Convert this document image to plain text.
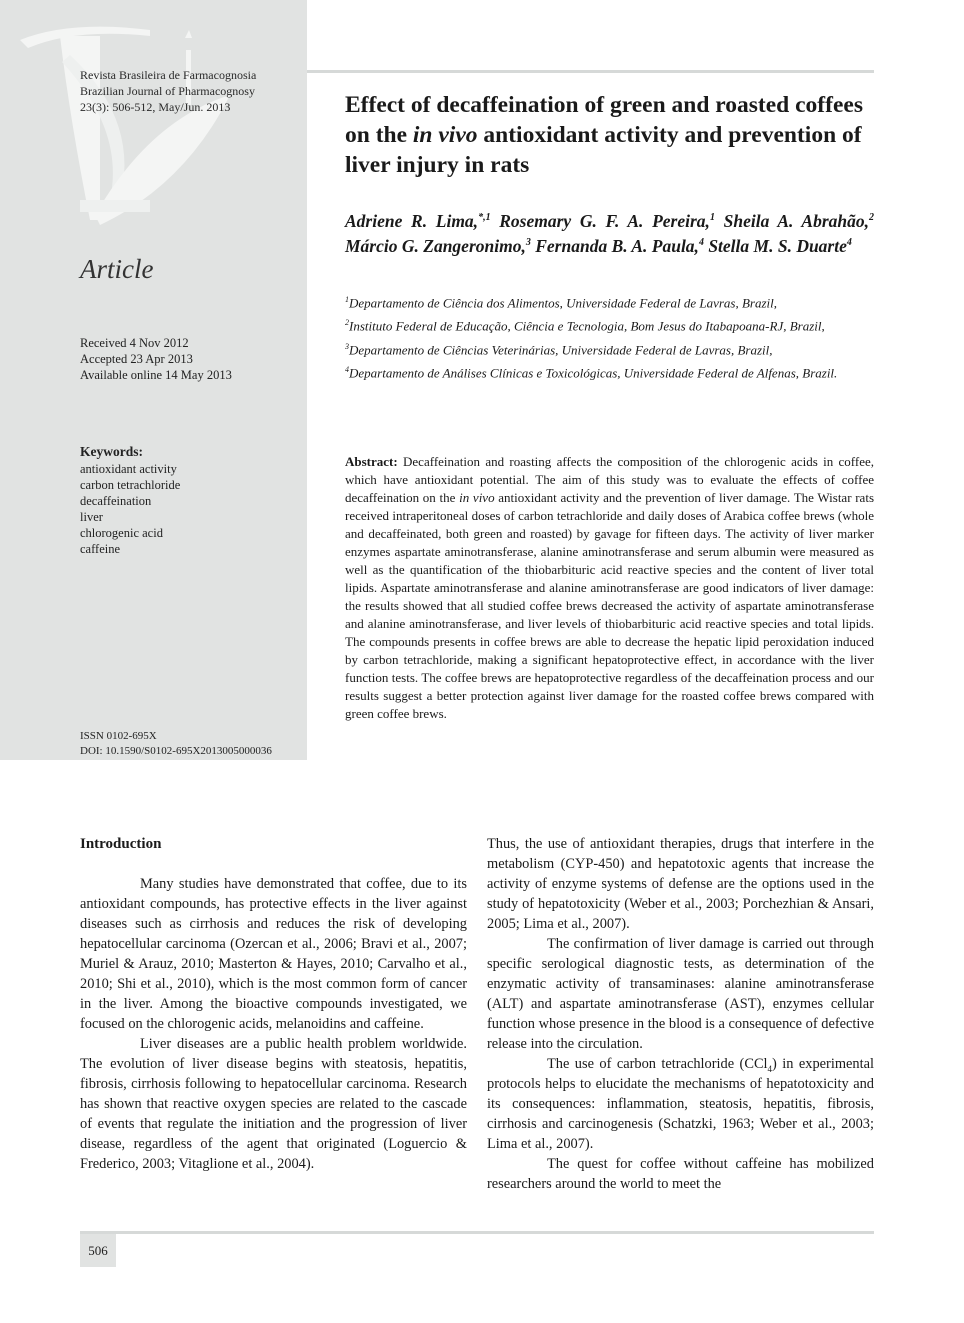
Revista Brasileira de Farmacognosia
Brazilian Journal of Pharmacognosy
23(3): 506-512, May/Jun. 2013
Article
Received 4 Nov 2012
Accepted 23 Apr 2013
Available online 14 May 2013
Keywords:
antioxidant activity
carbon tetrachloride
decaffeination
liver
chlorogenic acid
caffeine
ISSN 0102-695X
DOI: 10.1590/S0102-695X2013005000036
Effect of decaffeination of green and roasted coffees on the in vivo antioxidant activity and prevention of liver injury in rats
Adriene R. Lima,$^{*,1}$ Rosemary G. F. A. Pereira,$^1$ Sheila A. Abrahão,$^2$ Márcio G. Zangeronimo,$^3$ Fernanda B. A. Paula,$^4$ Stella M. S. Duarte$^4$
$^1$Departamento de Ciência dos Alimentos, Universidade Federal de Lavras, Brazil,
$^2$Instituto Federal de Educação, Ciência e Tecnologia, Bom Jesus do Itabapoana-RJ, Brazil,
$^3$Departamento de Ciências Veterinárias, Universidade Federal de Lavras, Brazil,
$^4$Departamento de Análises Clínicas e Toxicológicas, Universidade Federal de Alfenas, Brazil.

Abstract: Decaffeination and roasting affects the composition of the chlorogenic acids in coffee, which have antioxidant potential. The aim of this study was to evaluate the effects of coffee decaffeination on the in vivo antioxidant activity and the prevention of liver damage. The Wistar rats received intraperitoneal doses of carbon tetrachloride and daily doses of Arabica coffee brews (whole and decaffeinated, both green and roasted) by gavage for fifteen days. The activity of liver marker enzymes aspartate aminotransferase, alanine aminotransferase and serum albumin were measured as well as the quantification of the thiobarbituric acid reactive species and the content of liver total lipids. Aspartate aminotransferase and alanine aminotransferase are good indicators of liver damage: the results showed that all studied coffee brews decreased the activity of aspartate aminotransferase and alanine aminotransferase, and liver levels of thiobarbituric acid reactive species and total lipids. The compounds presents in coffee brews are able to decrease the hepatic lipid peroxidation induced by carbon tetrachloride, making a significant hepatoprotective effect, in accordance with the liver function tests. The coffee brews are hepatoprotective regardless of the decaffeination process and our results suggest a better protection against liver damage for the roasted coffee brews compared with green coffee brews.

Introduction

Many studies have demonstrated that coffee, due to its antioxidant compounds, has protective effects in the liver against diseases such as cirrhosis and reduces the risk of developing hepatocellular carcinoma (Ozercan et al., 2006; Bravi et al., 2007; Muriel & Arauz, 2010; Masterton & Hayes, 2010; Carvalho et al., 2010; Shi et al., 2010), which is the most common form of cancer in the liver. Among the bioactive compounds investigated, we focused on the chlorogenic acids, melanoidins and caffeine.

Liver diseases are a public health problem worldwide. The evolution of liver disease begins with steatosis, hepatitis, fibrosis, cirrhosis following to hepatocellular carcinoma. Research has shown that reactive oxygen species are related to the cascade of events that regulate the initiation and the progression of liver disease, regardless of the agent that originated (Loguercio & Frederico, 2003; Vitaglione et al., 2004).

Thus, the use of antioxidant therapies, drugs that interfere in the metabolism (CYP-450) and hepatotoxic agents that increase the activity of enzyme systems of defense are the options used in the study of hepatotoxicity (Weber et al., 2003; Porchezhian & Ansari, 2005; Lima et al., 2007).

The confirmation of liver damage is carried out through specific serological diagnostic tests, as determination of the enzymatic activity of transaminases: alanine aminotransferase (ALT) and aspartate aminotransferase (AST), enzymes cellular function whose presence in the blood is a consequence of defective release into the circulation.

The use of carbon tetrachloride (CCl$_4$) in experimental protocols helps to elucidate the mechanisms of hepatotoxicity and its consequences: inflammation, steatosis, hepatitis, fibrosis, cirrhosis and carcinogenesis (Schatzki, 1963; Weber et al., 2003; Lima et al., 2007).

The quest for coffee without caffeine has mobilized researchers around the world to meet the

506
